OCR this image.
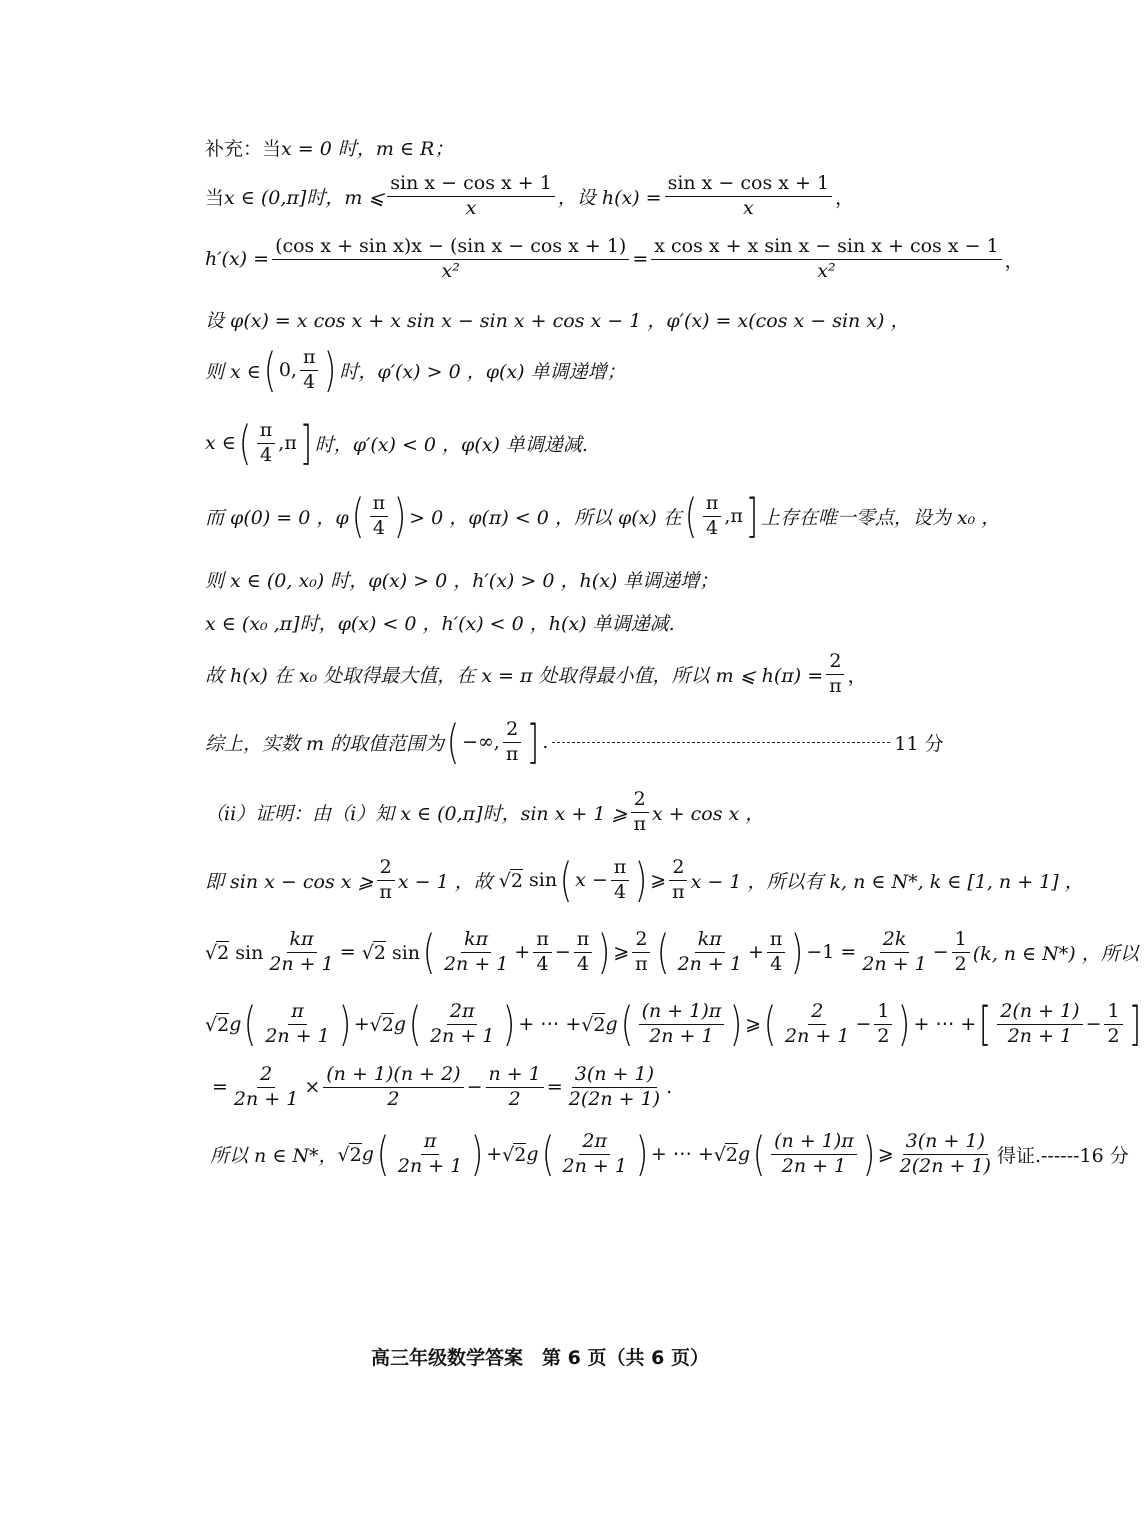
补充：当 x = 0 时， m ∈ R；
当 x ∈ (0,π]时，m ⩽ $\frac{\text{sin x − cos x + 1}}{x}$ ，设 $h(x) = \frac{\text{sin x − cos x + 1}}{x}$ ，
$h'(x) = \frac{\text{(cos x + sin x)x − (sin x − cos x + 1)}}{\text{x²}} = \frac{\text{x cos x + x sin x − sin x + cos x − 1}}{\text{x²}}$ ，
设 φ(x) = x cos x + x sin x − sin x + cos x − 1 ，φ′(x) = x(cos x − sin x) ，
则 x ∈ ( 0, $\frac{\pi}{4}$ ) 时，φ′(x) > 0 ，φ(x) 单调递增；
x ∈ ( $\frac{\pi}{4} ,\pi$ ] 时，φ′(x) < 0 ，φ(x) 单调递减.
而 φ(0) = 0 ，φ ( $\frac{\pi}{4}$ ) > 0 ，φ(π) < 0 ，所以 φ(x) 在 ( $\frac{\pi}{4} ,\pi$ ] 上存在唯一零点，设为 x₀ ，
则 x ∈ (0, x₀) 时，φ(x) > 0 ，h′(x) > 0 ，h(x) 单调递增；
x ∈ (x₀ ,π]时，φ(x) < 0 ，h′(x) < 0 ，h(x) 单调递减.
故 h(x) 在 x₀ 处取得最大值，在 x = π 处取得最小值，所以 m ⩽ $h(\pi) = \frac{2}{\pi}$ ，
综上，实数 m 的取值范围为 ( −∞, $\frac{2}{\pi}$ ] .	11 分
（ii）证明：由（i）知 x ∈ (0,π]时，sin x + 1 ⩾ $\frac{2}{\pi}$ x + cos x ，
即 sin x − cos x ⩾ $\frac{2}{\pi}$ x − 1 ，故 √2 sin ( $x - \frac{\pi}{4}$ ) ⩾ $\frac{2}{\pi}$ x − 1 ，所以有 k, n ∈ N*, k ∈ [1, n + 1] ，
√2 $\sin \frac{k\pi}{2n + 1} = √2$ sin ( $\frac{k\pi}{2n + 1} + \frac{\pi}{4} - \frac{\pi}{4}$ ) ⩾ $\frac{2}{\pi}$ ( $\frac{k\pi}{2n + 1} + \frac{\pi}{4}$ ) $-1 = \frac{2k}{2n + 1} - \frac{1}{2} (k$, n ∈ N*) ，所以
√2 g ( $\frac{\pi}{2n + 1}$ ) + √2 g ( $\frac{2\pi}{2n + 1}$ ) + ⋯ + √2 g ( $\frac{(n + 1)\pi}{2n + 1}$ ) ⩾ ( $\frac{2}{2n + 1} - \frac{1}{2}$ ) + ⋯ + [ $\frac{2(n + 1)}{2n + 1} - \frac{1}{2}$ ]
= $\frac{2}{2n + 1} \times \frac{(n + 1)(n + 2)}{2} - \frac{n + 1}{2} = \frac{3(n + 1)}{2(2n + 1)}$ .
所以 n ∈ N*， √2 g ( $\frac{\pi}{2n + 1}$ ) + √2 g ( $\frac{2\pi}{2n + 1}$ ) + ⋯ + √2 g ( $\frac{(n + 1)\pi}{2n + 1}$ ) ⩾ $\frac{3(n + 1)}{2(2n + 1)}$ 得证.------16 分
高三年级数学答案　第 6 页（共 6 页）
